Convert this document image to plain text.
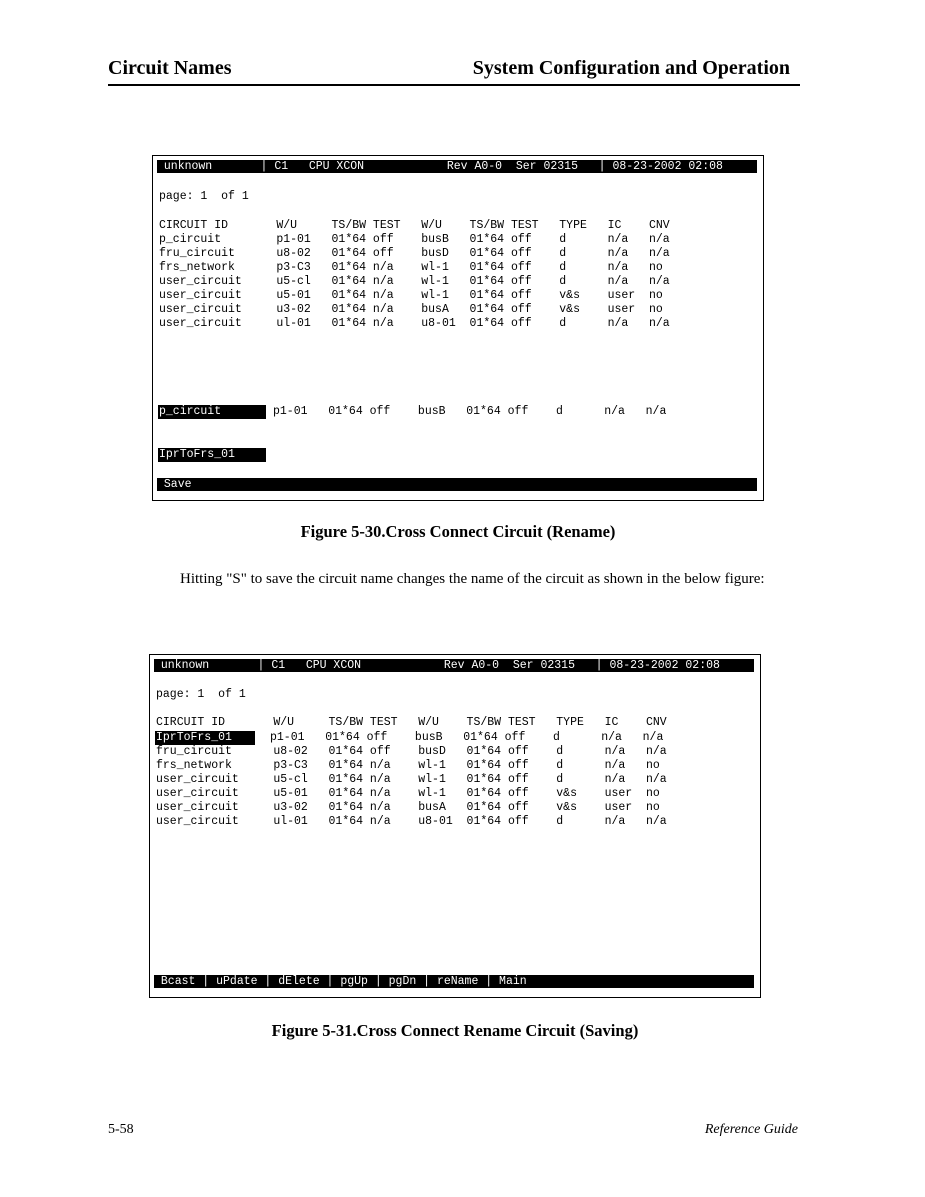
Circuit Names	System Configuration and Operation
unknown       | C1   CPU XCON            Rev A0-0  Ser 02315   | 08-23-2002 02:08
page: 1  of 1
CIRCUIT ID       W/U     TS/BW TEST   W/U    TS/BW TEST   TYPE   IC    CNV
p_circuit        p1-01   01*64 off    busB   01*64 off    d      n/a   n/a
fru_circuit      u8-02   01*64 off    busD   01*64 off    d      n/a   n/a
frs_network      p3-C3   01*64 n/a    wl-1   01*64 off    d      n/a   no
user_circuit     u5-cl   01*64 n/a    wl-1   01*64 off    d      n/a   n/a
user_circuit     u5-01   01*64 n/a    wl-1   01*64 off    v&s    user  no
user_circuit     u3-02   01*64 n/a    busA   01*64 off    v&s    user  no
user_circuit     ul-01   01*64 n/a    u8-01  01*64 off    d      n/a   n/a
p_circuit	p1-01   01*64 off    busB   01*64 off    d      n/a   n/a
IprToFrs_01
Save
Figure 5-30.Cross Connect Circuit (Rename)
Hitting "S" to save the circuit name changes the name of the circuit as shown in the below figure:
unknown       | C1   CPU XCON            Rev A0-0  Ser 02315   | 08-23-2002 02:08
page: 1  of 1
CIRCUIT ID       W/U     TS/BW TEST   W/U    TS/BW TEST   TYPE   IC    CNV
IprToFrs_01	p1-01   01*64 off    busB   01*64 off    d      n/a   n/a
fru_circuit      u8-02   01*64 off    busD   01*64 off    d      n/a   n/a
frs_network      p3-C3   01*64 n/a    wl-1   01*64 off    d      n/a   no
user_circuit     u5-cl   01*64 n/a    wl-1   01*64 off    d      n/a   n/a
user_circuit     u5-01   01*64 n/a    wl-1   01*64 off    v&s    user  no
user_circuit     u3-02   01*64 n/a    busA   01*64 off    v&s    user  no
user_circuit     ul-01   01*64 n/a    u8-01  01*64 off    d      n/a   n/a
Bcast | uPdate | dElete | pgUp | pgDn | reName | Main
Figure 5-31.Cross Connect Rename Circuit (Saving)
5-58	Reference Guide
